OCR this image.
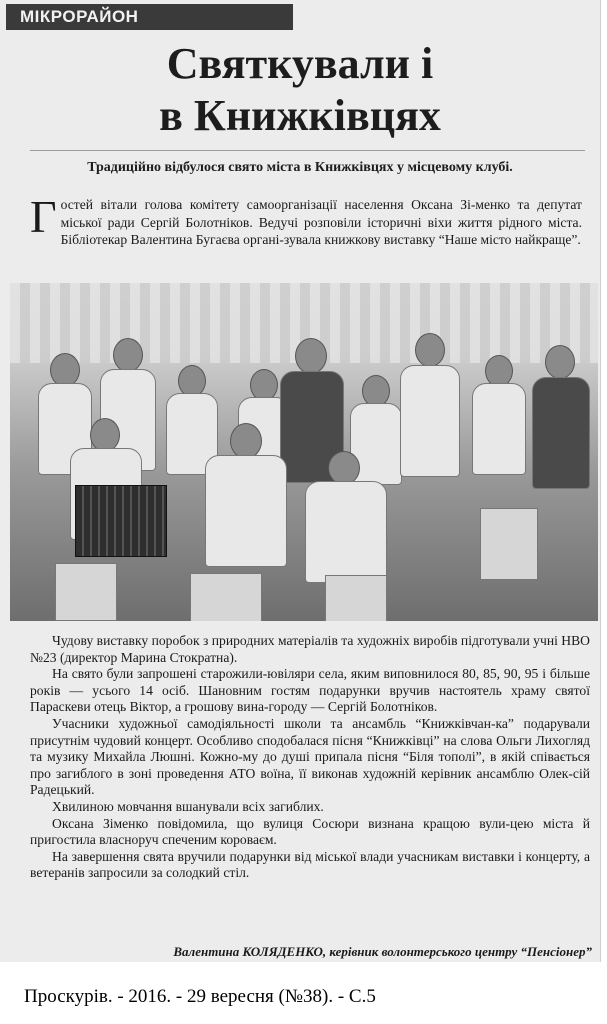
МІКРОРАЙОН
Святкували і
в Книжківцях
Традиційно відбулося свято міста в Книжківцях у місцевому клубі.
Г остей вітали голова комітету самоорганізації населення Оксана Зі-менко та депутат міської ради Сергій Болотніков. Ведучі розповіли історичні віхи життя рідного міста. Бібліотекар Валентина Бугаєва органі-зувала книжкову виставку “Наше місто найкраще”.

Чудову виставку поробок з природних матеріалів та художніх виробів підготували учні НВО №23 (директор Марина Стократна).

На свято були запрошені старожили-ювіляри села, яким виповнилося 80, 85, 90, 95 і більше років — усього 14 осіб. Шановним гостям подарунки вручив настоятель храму святої Параскеви отець Віктор, а грошову вина-городу — Сергій Болотніков.

Учасники художньої самодіяльності школи та ансамбль “Книжківчан-ка” подарували присутнім чудовий концерт. Особливо сподобалася пісня “Книжківці” на слова Ольги Лихогляд та музику Михайла Люшні. Кожно-му до душі припала пісня “Біля тополі”, в якій співається про загиблого в зоні проведення АТО воїна, її виконав художній керівник ансамблю Олек-сій Радецький.

Хвилиною мовчання вшанували всіх загиблих.

Оксана Зіменко повідомила, що вулиця Сосюри визнана кращою вули-цею міста й пригостила власноруч спеченим короваєм.

На завершення свята вручили подарунки від міської влади учасникам виставки і концерту, а ветеранів запросили за солодкий стіл.

Валентина КОЛЯДЕНКО, керівник волонтерського центру “Пенсіонер”
Проскурів. - 2016. - 29 вересня (№38). - С.5
